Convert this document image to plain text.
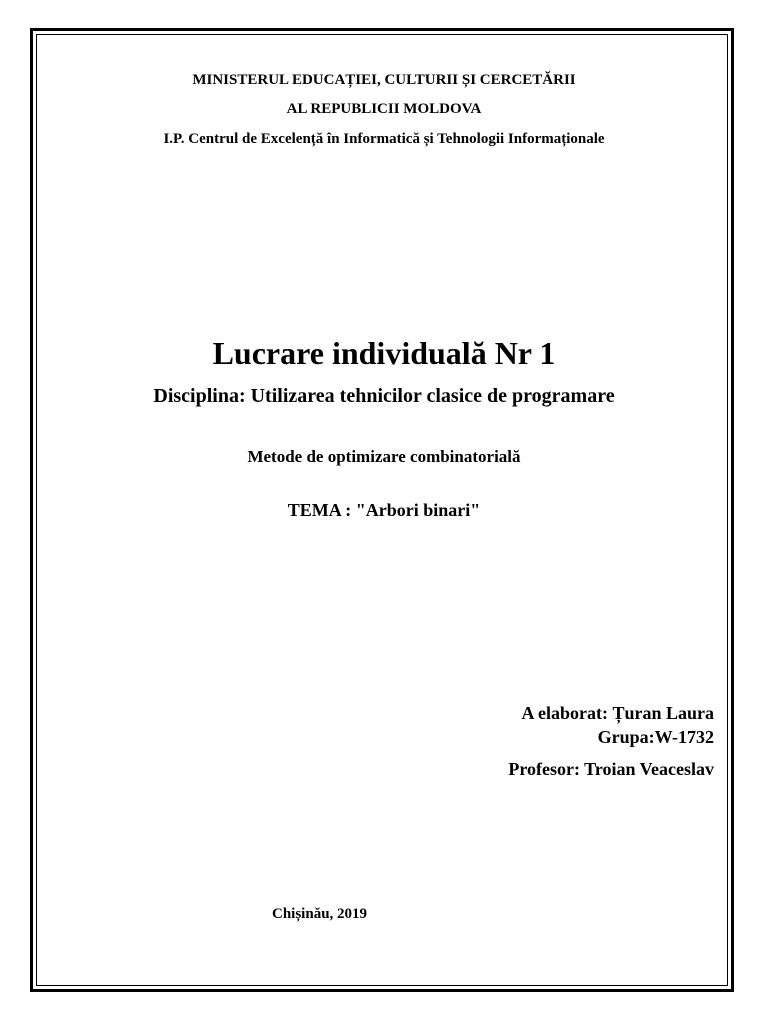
MINISTERUL EDUCAȚIEI, CULTURII ȘI CERCETĂRII
AL REPUBLICII MOLDOVA
I.P. Centrul de Excelență în Informatică și Tehnologii Informaționale
Lucrare individuală Nr 1
Disciplina: Utilizarea tehnicilor clasice de programare
Metode de optimizare combinatorială
TEMA : "Arbori binari"
A elaborat: Țuran Laura
Grupa:W-1732
Profesor: Troian Veaceslav
Chișinău, 2019
